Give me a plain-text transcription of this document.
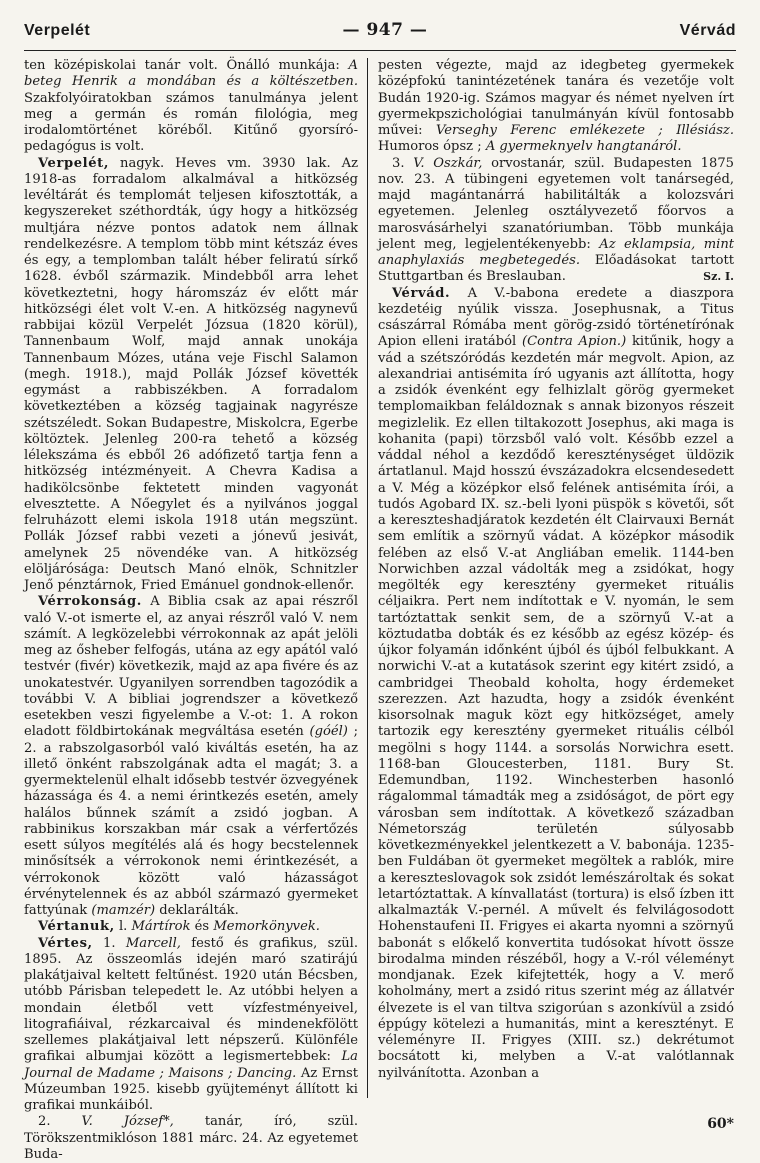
Verpelét	— 947 —	Vérvád

ten középiskolai tanár volt. Önálló munkája: A beteg Henrik a mondában és a költészetben. Szakfolyóiratokban számos tanulmánya jelent meg a germán és román filológia, meg irodalomtörténet köréből. Kitűnő gyorsíró-pedagógus is volt.

Verpelét, nagyk. Heves vm. 3930 lak. Az 1918-as forradalom alkalmával a hitközség levéltárát és templomát teljesen kifosztották, a kegyszereket széthordták, úgy hogy a hitközség multjára nézve pontos adatok nem állnak rendelkezésre. A templom több mint kétszáz éves és egy, a templomban talált héber feliratú sírkő 1628. évből származik. Mindebből arra lehet következtetni, hogy háromszáz év előtt már hitközségi élet volt V.-en. A hitközség nagynevű rabbijai közül Verpelét Józsua (1820 körül), Tannenbaum Wolf, majd annak unokája Tannenbaum Mózes, utána veje Fischl Salamon (megh. 1918.), majd Pollák József követték egymást a rabbiszékben. A forradalom következtében a község tagjainak nagyrésze szétszéledt. Sokan Budapestre, Miskolcra, Egerbe költöztek. Jelenleg 200-ra tehető a község lélekszáma és ebből 26 adófizető tartja fenn a hitközség intézményeit. A Chevra Kadisa a hadikölcsönbe fektetett minden vagyonát elvesztette. A Nőegylet és a nyilvános joggal felruházott elemi iskola 1918 után megszünt. Pollák József rabbi vezeti a jónevű jesivát, amelynek 25 növendéke van. A hitközség elöljárósága: Deutsch Manó elnök, Schnitzler Jenő pénztárnok, Fried Emánuel gondnok-ellenőr.

Vérrokonság. A Biblia csak az apai részről való V.-ot ismerte el, az anyai részről való V. nem számít. A legközelebbi vérrokonnak az apát jelöli meg az ősheber felfogás, utána az egy apától való testvér (fivér) következik, majd az apa fivére és az unokatestvér. Ugyanilyen sorrendben tagozódik a további V. A bibliai jogrendszer a következő esetekben veszi figyelembe a V.-ot: 1. A rokon eladott földbirtokának megváltása esetén (góél) ; 2. a rabszolgasorból való kiváltás esetén, ha az illető önként rabszolgának adta el magát; 3. a gyermektelenül elhalt idősebb testvér özvegyének házassága és 4. a nemi érintkezés esetén, amely halálos bűnnek számít a zsidó jogban. A rabbinikus korszakban már csak a vérfertőzés esett súlyos megítélés alá és hogy becstelennek minősítsék a vérrokonok nemi érintkezését, a vérrokonok között való házasságot érvénytelennek és az abból származó gyermeket fattyúnak (mamzér) deklarálták.

Vértanuk, l. Mártírok és Memorkönyvek.

Vértes, 1. Marcell, festő és grafikus, szül. 1895. Az összeomlás idején maró szatirájú plakátjaival keltett feltűnést. 1920 után Bécsben, utóbb Párisban telepedett le. Az utóbbi helyen a mondain életből vett vízfestményeivel, litografiáival, rézkarcaival és mindenekfölött szellemes plakátjaival lett népszerű. Különféle grafikai albumjai között a legismertebbek: La Journal de Madame ; Maisons ; Dancing. Az Ernst Múzeumban 1925. kisebb gyüjteményt állított ki grafikai munkáiból.

2. V. József*, tanár, író, szül. Törökszentmiklóson 1881 márc. 24. Az egyetemet Buda-

pesten végezte, majd az idegbeteg gyermekek középfokú tanintézetének tanára és vezetője volt Budán 1920-ig. Számos magyar és német nyelven írt gyermekpszichológiai tanulmányán kívül fontosabb művei: Verseghy Ferenc emlékezete ; Illésiász. Humoros ópsz ; A gyermeknyelv hangtanáról.

3. V. Oszkár, orvostanár, szül. Budapesten 1875 nov. 23. A tübingeni egyetemen volt tanársegéd, majd magántanárrá habilitálták a kolozsvári egyetemen. Jelenleg osztályvezető főorvos a marosvásárhelyi szanatóriumban. Több munkája jelent meg, legjelentékenyebb: Az eklampsia, mint anaphylaxiás megbetegedés. Előadásokat tartott Stuttgartban és Breslauban.	Sz. I.

Vérvád. A V.-babona eredete a diaszpora kezdetéig nyúlik vissza. Josephusnak, a Titus császárral Rómába ment görög-zsidó történetírónak Apion elleni iratából (Contra Apion.) kitűnik, hogy a vád a szétszóródás kezdetén már megvolt. Apion, az alexandriai antisémita író ugyanis azt állította, hogy a zsidók évenként egy felhizlalt görög gyermeket templomaikban feláldoznak s annak bizonyos részeit megizlelik. Ez ellen tiltakozott Josephus, aki maga is kohanita (papi) törzsből való volt. Később ezzel a váddal néhol a kezdődő kereszténységet üldözik ártatlanul. Majd hosszú évszázadokra elcsendesedett a V. Még a középkor első felének antisémita írói, a tudós Agobard IX. sz.-beli lyoni püspök s követői, sőt a kereszteshadjáratok kezdetén élt Clairvauxi Bernát sem említik a szörnyű vádat. A középkor második felében az első V.-at Angliában emelik. 1144-ben Norwichben azzal vádolták meg a zsidókat, hogy megölték egy keresztény gyermeket rituális céljaikra. Pert nem indítottak e V. nyomán, le sem tartóztattak senkit sem, de a szörnyű V.-at a köztudatba dobták és ez később az egész közép- és újkor folyamán időnként újból és újból felbukkant. A norwichi V.-at a kutatások szerint egy kitért zsidó, a cambridgei Theobald koholta, hogy érdemeket szerezzen. Azt hazudta, hogy a zsidók évenként kisorsolnak maguk közt egy hitközséget, amely tartozik egy keresztény gyermeket rituális célból megölni s hogy 1144. a sorsolás Norwichra esett. 1168-ban Gloucesterben, 1181. Bury St. Edemundban, 1192. Winchesterben hasonló rágalommal támadták meg a zsidóságot, de pört egy városban sem indítottak. A következő században Németország területén súlyosabb következményekkel jelentkezett a V. babonája. 1235-ben Fuldában öt gyermeket megöltek a rablók, mire a kereszteslovagok sok zsidót lemészároltak és sokat letartóztattak. A kínvallatást (tortura) is első ízben itt alkalmazták V.-pernél. A művelt és felvilágosodott Hohenstaufeni II. Frigyes ei akarta nyomni a szörnyű babonát s előkelő konvertita tudósokat hívott össze birodalma minden részéből, hogy a V.-ról véleményt mondjanak. Ezek kifejtették, hogy a V. merő koholmány, mert a zsidó ritus szerint még az állatvér élvezete is el van tiltva szigorúan s azonkívül a zsidó éppúgy kötelezi a humanitás, mint a keresztényt. E véleményre II. Frigyes (XIII. sz.) dekrétumot bocsátott ki, melyben a V.-at valótlannak nyilvánította. Azonban a

60*
